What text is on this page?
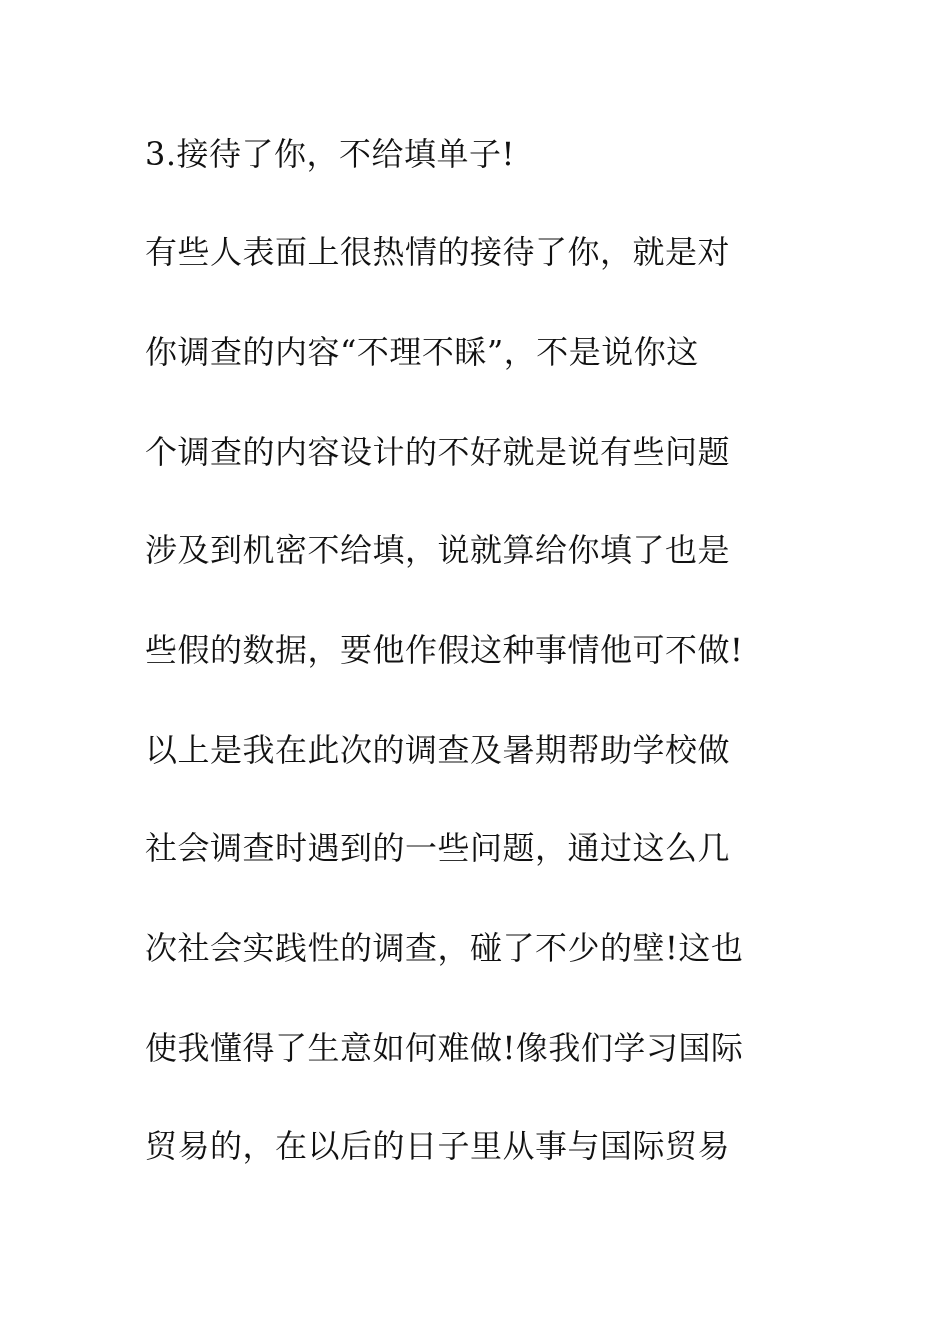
3.接待了你，不给填单子!
有些人表面上很热情的接待了你，就是对
你调查的内容“不理不睬”，不是说你这
个调查的内容设计的不好就是说有些问题
涉及到机密不给填，说就算给你填了也是
些假的数据，要他作假这种事情他可不做!
以上是我在此次的调查及暑期帮助学校做
社会调查时遇到的一些问题，通过这么几
次社会实践性的调查，碰了不少的壁!这也
使我懂得了生意如何难做!像我们学习国际
贸易的，在以后的日子里从事与国际贸易
